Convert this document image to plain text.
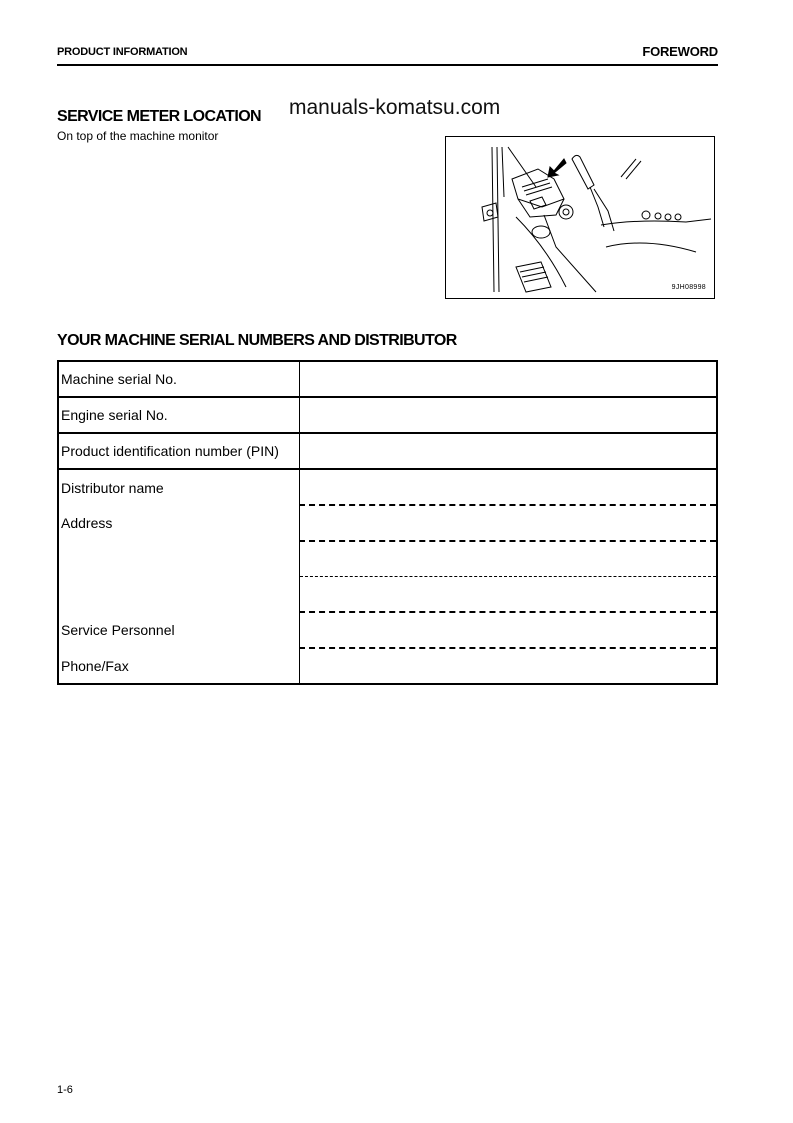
PRODUCT INFORMATION	FOREWORD
SERVICE METER LOCATION manuals-komatsu.com
On top of the machine monitor
9JH08998
YOUR MACHINE SERIAL NUMBERS AND DISTRIBUTOR
Machine serial No.	
Engine serial No.	
Product identification number (PIN)	
Distributor name	
Address	

Service Personnel	
Phone/Fax	
1-6
